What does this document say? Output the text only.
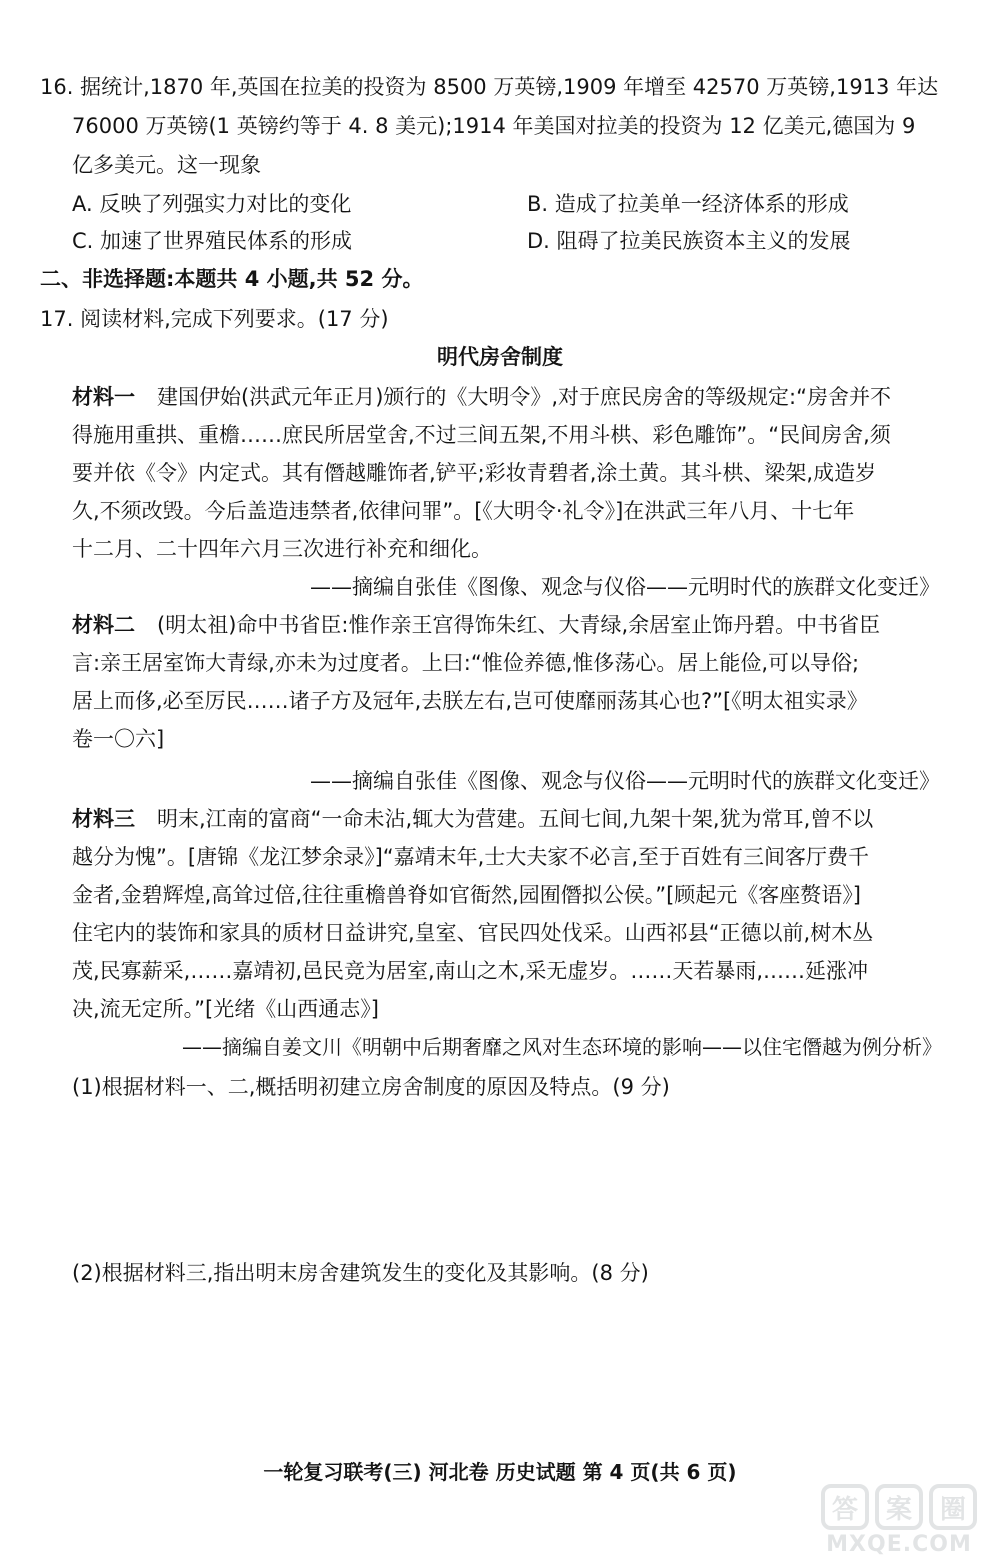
16. 据统计,1870 年,英国在拉美的投资为 8500 万英镑,1909 年增至 42570 万英镑,1913 年达
76000 万英镑(1 英镑约等于 4. 8 美元);1914 年美国对拉美的投资为 12 亿美元,德国为 9
亿多美元。这一现象
A. 反映了列强实力对比的变化	B. 造成了拉美单一经济体系的形成
C. 加速了世界殖民体系的形成	D. 阻碍了拉美民族资本主义的发展
二、非选择题:本题共 4 小题,共 52 分。
17. 阅读材料,完成下列要求。(17 分)
明代房舍制度
材料一 建国伊始(洪武元年正月)颁行的《大明令》,对于庶民房舍的等级规定:“房舍并不
得施用重拱、重檐……庶民所居堂舍,不过三间五架,不用斗栱、彩色雕饰”。“民间房舍,须
要并依《令》内定式。其有僭越雕饰者,铲平;彩妆青碧者,涂土黄。其斗栱、梁架,成造岁
久,不须改毁。今后盖造违禁者,依律问罪”。[《大明令·礼令》]在洪武三年八月、十七年
十二月、二十四年六月三次进行补充和细化。
——摘编自张佳《图像、观念与仪俗——元明时代的族群文化变迁》
材料二 (明太祖)命中书省臣:惟作亲王宫得饰朱红、大青绿,余居室止饰丹碧。中书省臣
言:亲王居室饰大青绿,亦未为过度者。上曰:“惟俭养德,惟侈荡心。居上能俭,可以导俗;
居上而侈,必至厉民……诸子方及冠年,去朕左右,岂可使靡丽荡其心也?”[《明太祖实录》
卷一〇六]
——摘编自张佳《图像、观念与仪俗——元明时代的族群文化变迁》
材料三 明末,江南的富商“一命未沾,辄大为营建。五间七间,九架十架,犹为常耳,曾不以
越分为愧”。[唐锦《龙江梦余录》]“嘉靖末年,士大夫家不必言,至于百姓有三间客厅费千
金者,金碧辉煌,高耸过倍,往往重檐兽脊如官衙然,园囿僭拟公侯。”[顾起元《客座赘语》]
住宅内的装饰和家具的质材日益讲究,皇室、官民四处伐采。山西祁县“正德以前,树木丛
茂,民寡薪采,……嘉靖初,邑民竞为居室,南山之木,采无虚岁。……天若暴雨,……延涨冲
决,流无定所。”[光绪《山西通志》]
——摘编自姜文川《明朝中后期奢靡之风对生态环境的影响——以住宅僭越为例分析》
(1)根据材料一、二,概括明初建立房舍制度的原因及特点。(9 分)
(2)根据材料三,指出明末房舍建筑发生的变化及其影响。(8 分)
一轮复习联考(三) 河北卷 历史试题 第 4 页(共 6 页)
答	案	圈
MXQE.COM
